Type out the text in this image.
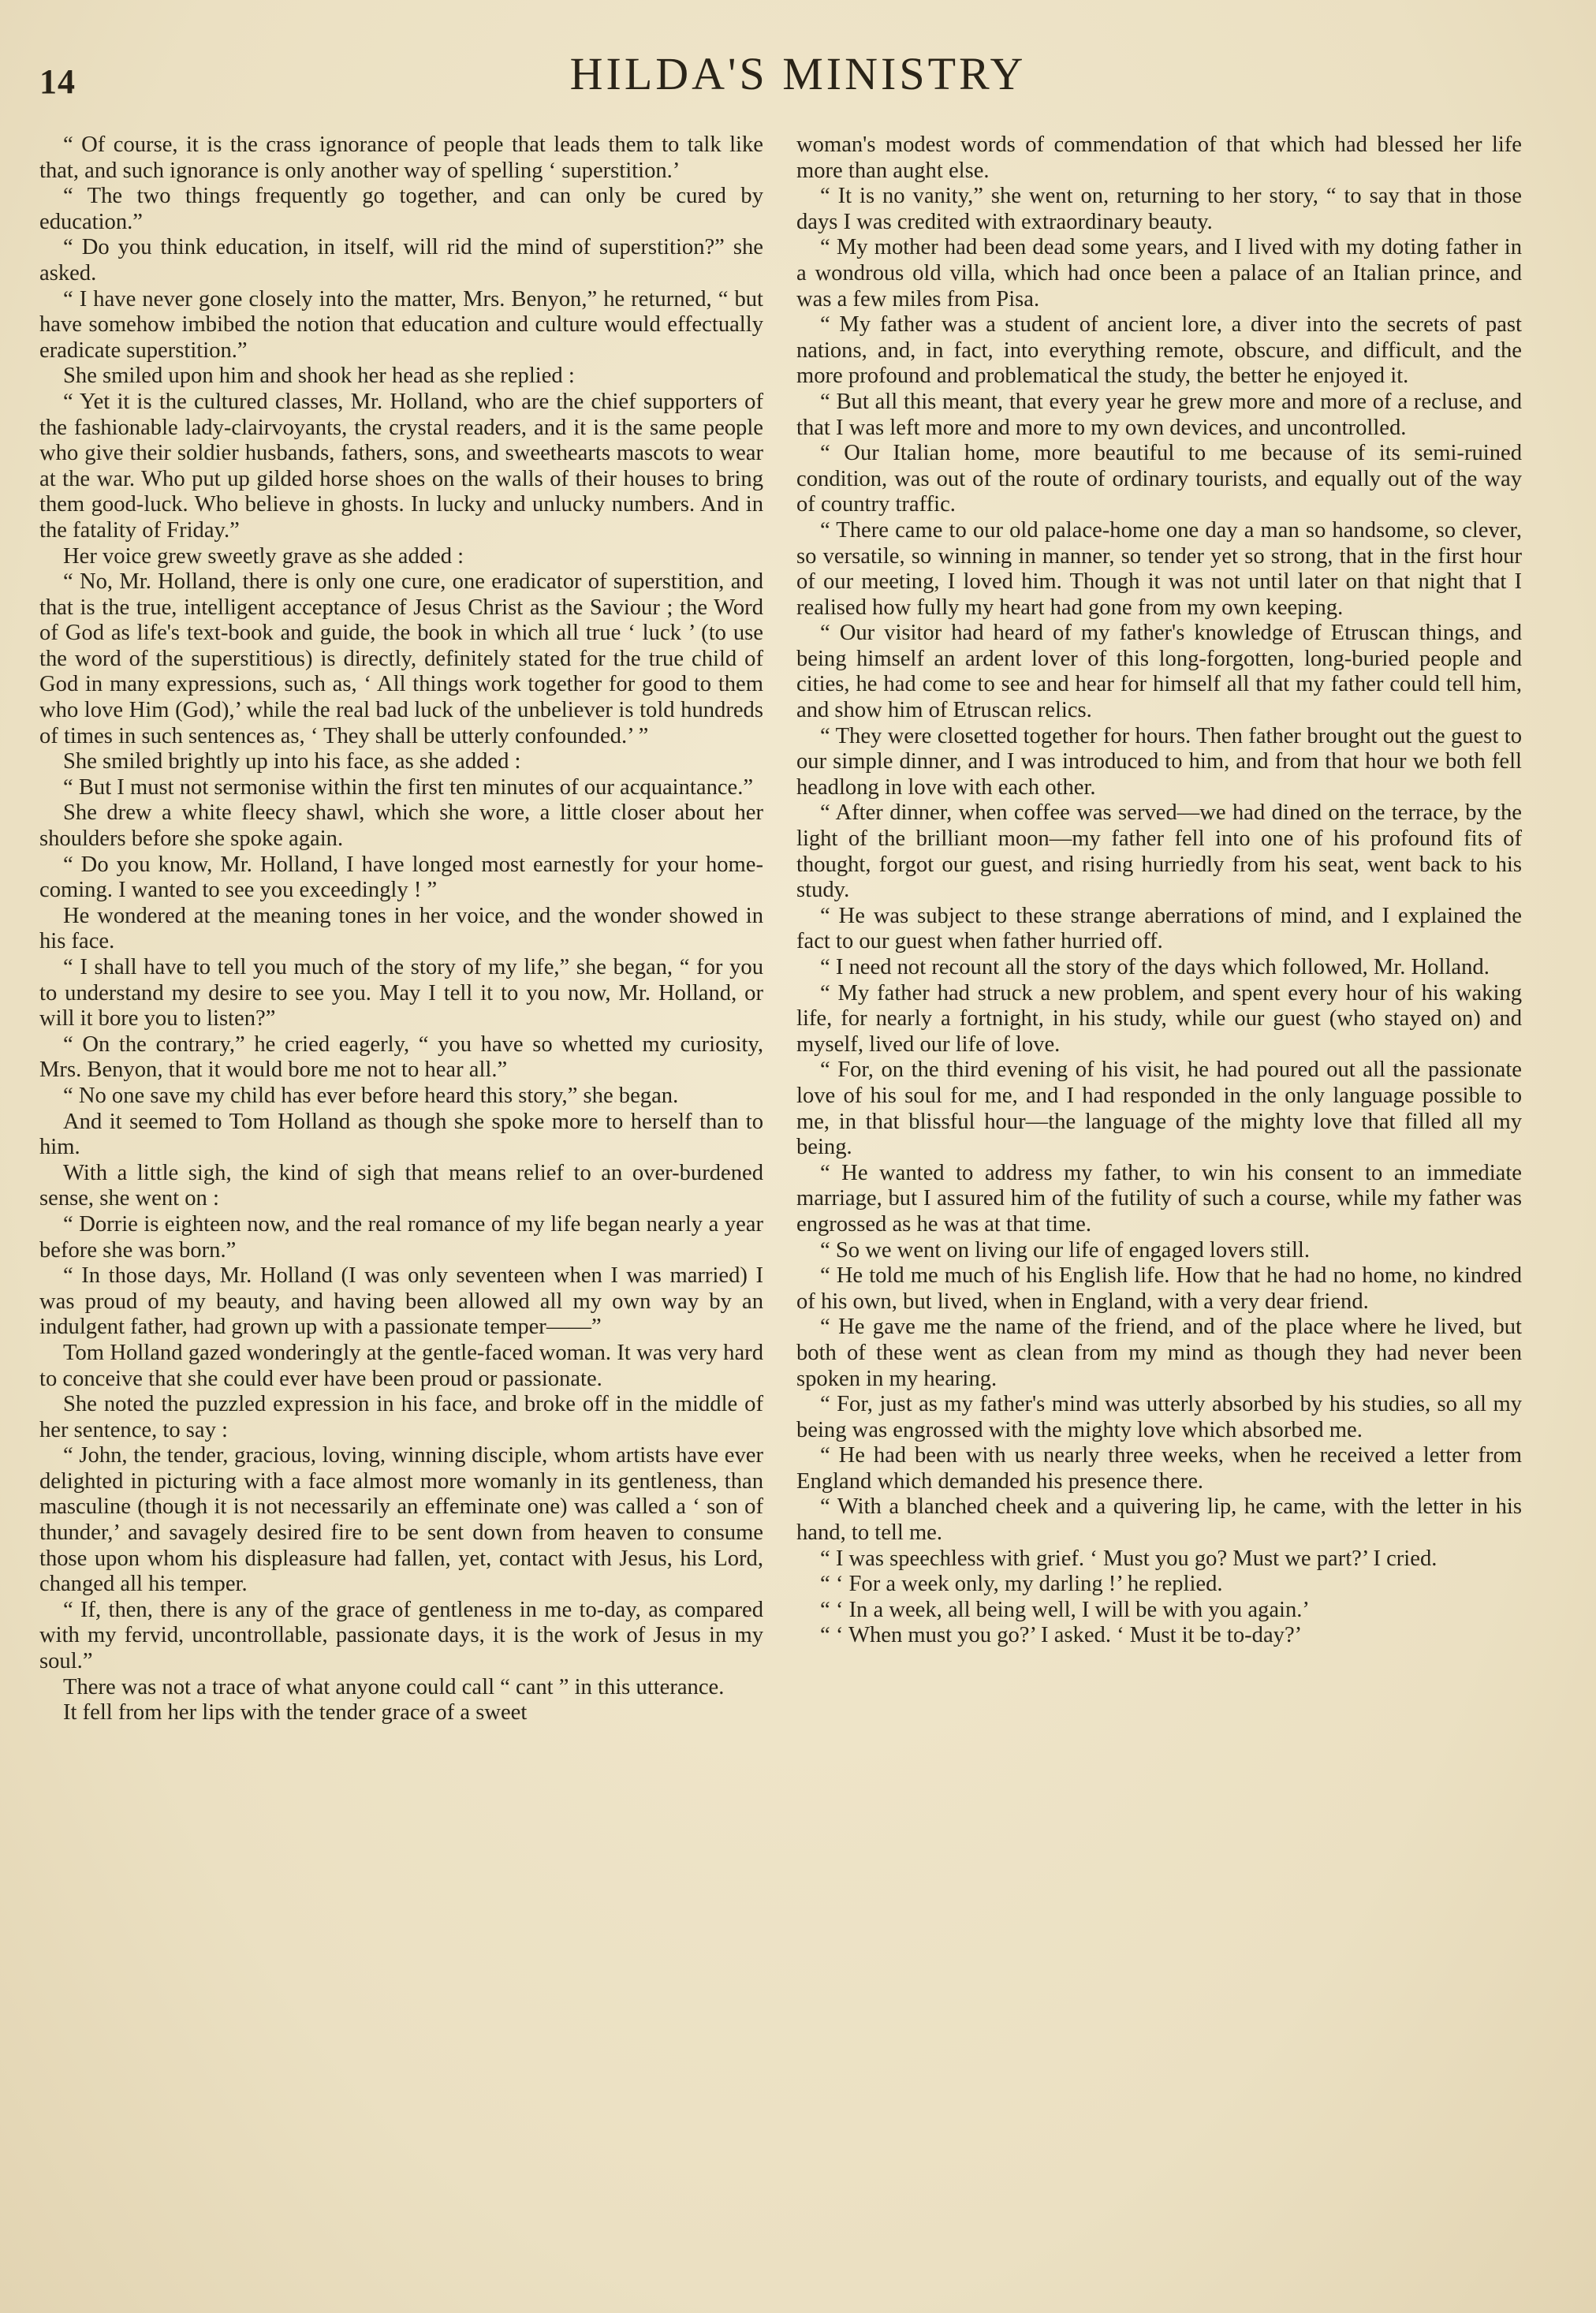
14	HILDA'S MINISTRY

“ Of course, it is the crass ignorance of people that leads them to talk like that, and such ignorance is only another way of spelling ‘ superstition.’

“ The two things frequently go together, and can only be cured by education.”

“ Do you think education, in itself, will rid the mind of superstition?” she asked.

“ I have never gone closely into the matter, Mrs. Benyon,” he returned, “ but have somehow imbibed the notion that education and culture would effectually eradicate superstition.”

She smiled upon him and shook her head as she replied :

“ Yet it is the cultured classes, Mr. Holland, who are the chief supporters of the fashionable lady-clairvoyants, the crystal readers, and it is the same people who give their soldier husbands, fathers, sons, and sweethearts mascots to wear at the war. Who put up gilded horse shoes on the walls of their houses to bring them good-luck. Who believe in ghosts. In lucky and unlucky numbers. And in the fatality of Friday.”

Her voice grew sweetly grave as she added :

“ No, Mr. Holland, there is only one cure, one eradicator of superstition, and that is the true, intelligent acceptance of Jesus Christ as the Saviour ; the Word of God as life's text-book and guide, the book in which all true ‘ luck ’ (to use the word of the superstitious) is directly, definitely stated for the true child of God in many expressions, such as, ‘ All things work together for good to them who love Him (God),’ while the real bad luck of the unbeliever is told hundreds of times in such sentences as, ‘ They shall be utterly confounded.’ ”

She smiled brightly up into his face, as she added :

“ But I must not sermonise within the first ten minutes of our acquaintance.”

She drew a white fleecy shawl, which she wore, a little closer about her shoulders before she spoke again.

“ Do you know, Mr. Holland, I have longed most earnestly for your home-coming. I wanted to see you exceedingly ! ”

He wondered at the meaning tones in her voice, and the wonder showed in his face.

“ I shall have to tell you much of the story of my life,” she began, “ for you to understand my desire to see you. May I tell it to you now, Mr. Holland, or will it bore you to listen?”

“ On the contrary,” he cried eagerly, “ you have so whetted my curiosity, Mrs. Benyon, that it would bore me not to hear all.”

“ No one save my child has ever before heard this story,” she began.

And it seemed to Tom Holland as though she spoke more to herself than to him.

With a little sigh, the kind of sigh that means relief to an over-burdened sense, she went on :

“ Dorrie is eighteen now, and the real romance of my life began nearly a year before she was born.”

“ In those days, Mr. Holland (I was only seventeen when I was married) I was proud of my beauty, and having been allowed all my own way by an indulgent father, had grown up with a passionate temper——”

Tom Holland gazed wonderingly at the gentle-faced woman. It was very hard to conceive that she could ever have been proud or passionate.

She noted the puzzled expression in his face, and broke off in the middle of her sentence, to say :

“ John, the tender, gracious, loving, winning disciple, whom artists have ever delighted in picturing with a face almost more womanly in its gentleness, than masculine (though it is not necessarily an effeminate one) was called a ‘ son of thunder,’ and savagely desired fire to be sent down from heaven to consume those upon whom his displeasure had fallen, yet, contact with Jesus, his Lord, changed all his temper.

“ If, then, there is any of the grace of gentleness in me to-day, as compared with my fervid, uncontrollable, passionate days, it is the work of Jesus in my soul.”

There was not a trace of what anyone could call “ cant ” in this utterance.

It fell from her lips with the tender grace of a sweet

woman's modest words of commendation of that which had blessed her life more than aught else.

“ It is no vanity,” she went on, returning to her story, “ to say that in those days I was credited with extraordinary beauty.

“ My mother had been dead some years, and I lived with my doting father in a wondrous old villa, which had once been a palace of an Italian prince, and was a few miles from Pisa.

“ My father was a student of ancient lore, a diver into the secrets of past nations, and, in fact, into everything remote, obscure, and difficult, and the more profound and problematical the study, the better he enjoyed it.

“ But all this meant, that every year he grew more and more of a recluse, and that I was left more and more to my own devices, and uncontrolled.

“ Our Italian home, more beautiful to me because of its semi-ruined condition, was out of the route of ordinary tourists, and equally out of the way of country traffic.

“ There came to our old palace-home one day a man so handsome, so clever, so versatile, so winning in manner, so tender yet so strong, that in the first hour of our meeting, I loved him. Though it was not until later on that night that I realised how fully my heart had gone from my own keeping.

“ Our visitor had heard of my father's knowledge of Etruscan things, and being himself an ardent lover of this long-forgotten, long-buried people and cities, he had come to see and hear for himself all that my father could tell him, and show him of Etruscan relics.

“ They were closetted together for hours. Then father brought out the guest to our simple dinner, and I was introduced to him, and from that hour we both fell headlong in love with each other.

“ After dinner, when coffee was served—we had dined on the terrace, by the light of the brilliant moon—my father fell into one of his profound fits of thought, forgot our guest, and rising hurriedly from his seat, went back to his study.

“ He was subject to these strange aberrations of mind, and I explained the fact to our guest when father hurried off.

“ I need not recount all the story of the days which followed, Mr. Holland.

“ My father had struck a new problem, and spent every hour of his waking life, for nearly a fortnight, in his study, while our guest (who stayed on) and myself, lived our life of love.

“ For, on the third evening of his visit, he had poured out all the passionate love of his soul for me, and I had responded in the only language possible to me, in that blissful hour—the language of the mighty love that filled all my being.

“ He wanted to address my father, to win his consent to an immediate marriage, but I assured him of the futility of such a course, while my father was engrossed as he was at that time.

“ So we went on living our life of engaged lovers still.

“ He told me much of his English life. How that he had no home, no kindred of his own, but lived, when in England, with a very dear friend.

“ He gave me the name of the friend, and of the place where he lived, but both of these went as clean from my mind as though they had never been spoken in my hearing.

“ For, just as my father's mind was utterly absorbed by his studies, so all my being was engrossed with the mighty love which absorbed me.

“ He had been with us nearly three weeks, when he received a letter from England which demanded his presence there.

“ With a blanched cheek and a quivering lip, he came, with the letter in his hand, to tell me.

“ I was speechless with grief. ‘ Must you go? Must we part?’ I cried.

“ ‘ For a week only, my darling !’ he replied.

“ ‘ In a week, all being well, I will be with you again.’

“ ‘ When must you go?’ I asked. ‘ Must it be to-day?’
